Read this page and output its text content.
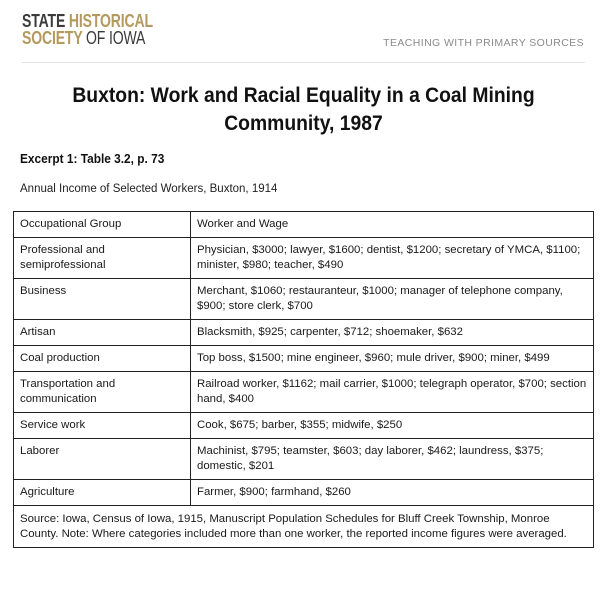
STATE HISTORICAL
SOCIETY OF IOWA	TEACHING WITH PRIMARY SOURCES
Buxton: Work and Racial Equality in a Coal Mining
Community, 1987
Excerpt 1: Table 3.2, p. 73
Annual Income of Selected Workers, Buxton, 1914
Occupational Group	Worker and Wage
Professional and semiprofessional	Physician, $3000; lawyer, $1600; dentist, $1200; secretary of YMCA, $1100; minister, $980; teacher, $490
Business	Merchant, $1060; restauranteur, $1000; manager of telephone company, $900; store clerk, $700
Artisan	Blacksmith, $925; carpenter, $712; shoemaker, $632
Coal production	Top boss, $1500; mine engineer, $960; mule driver, $900; miner, $499
Transportation and communication	Railroad worker, $1162; mail carrier, $1000; telegraph operator, $700; section hand, $400
Service work	Cook, $675; barber, $355; midwife, $250
Laborer	Machinist, $795; teamster, $603; day laborer, $462; laundress, $375; domestic, $201
Agriculture	Farmer, $900; farmhand, $260
Source: Iowa, Census of Iowa, 1915, Manuscript Population Schedules for Bluff Creek Township, Monroe County. Note: Where categories included more than one worker, the reported income figures were averaged.	
